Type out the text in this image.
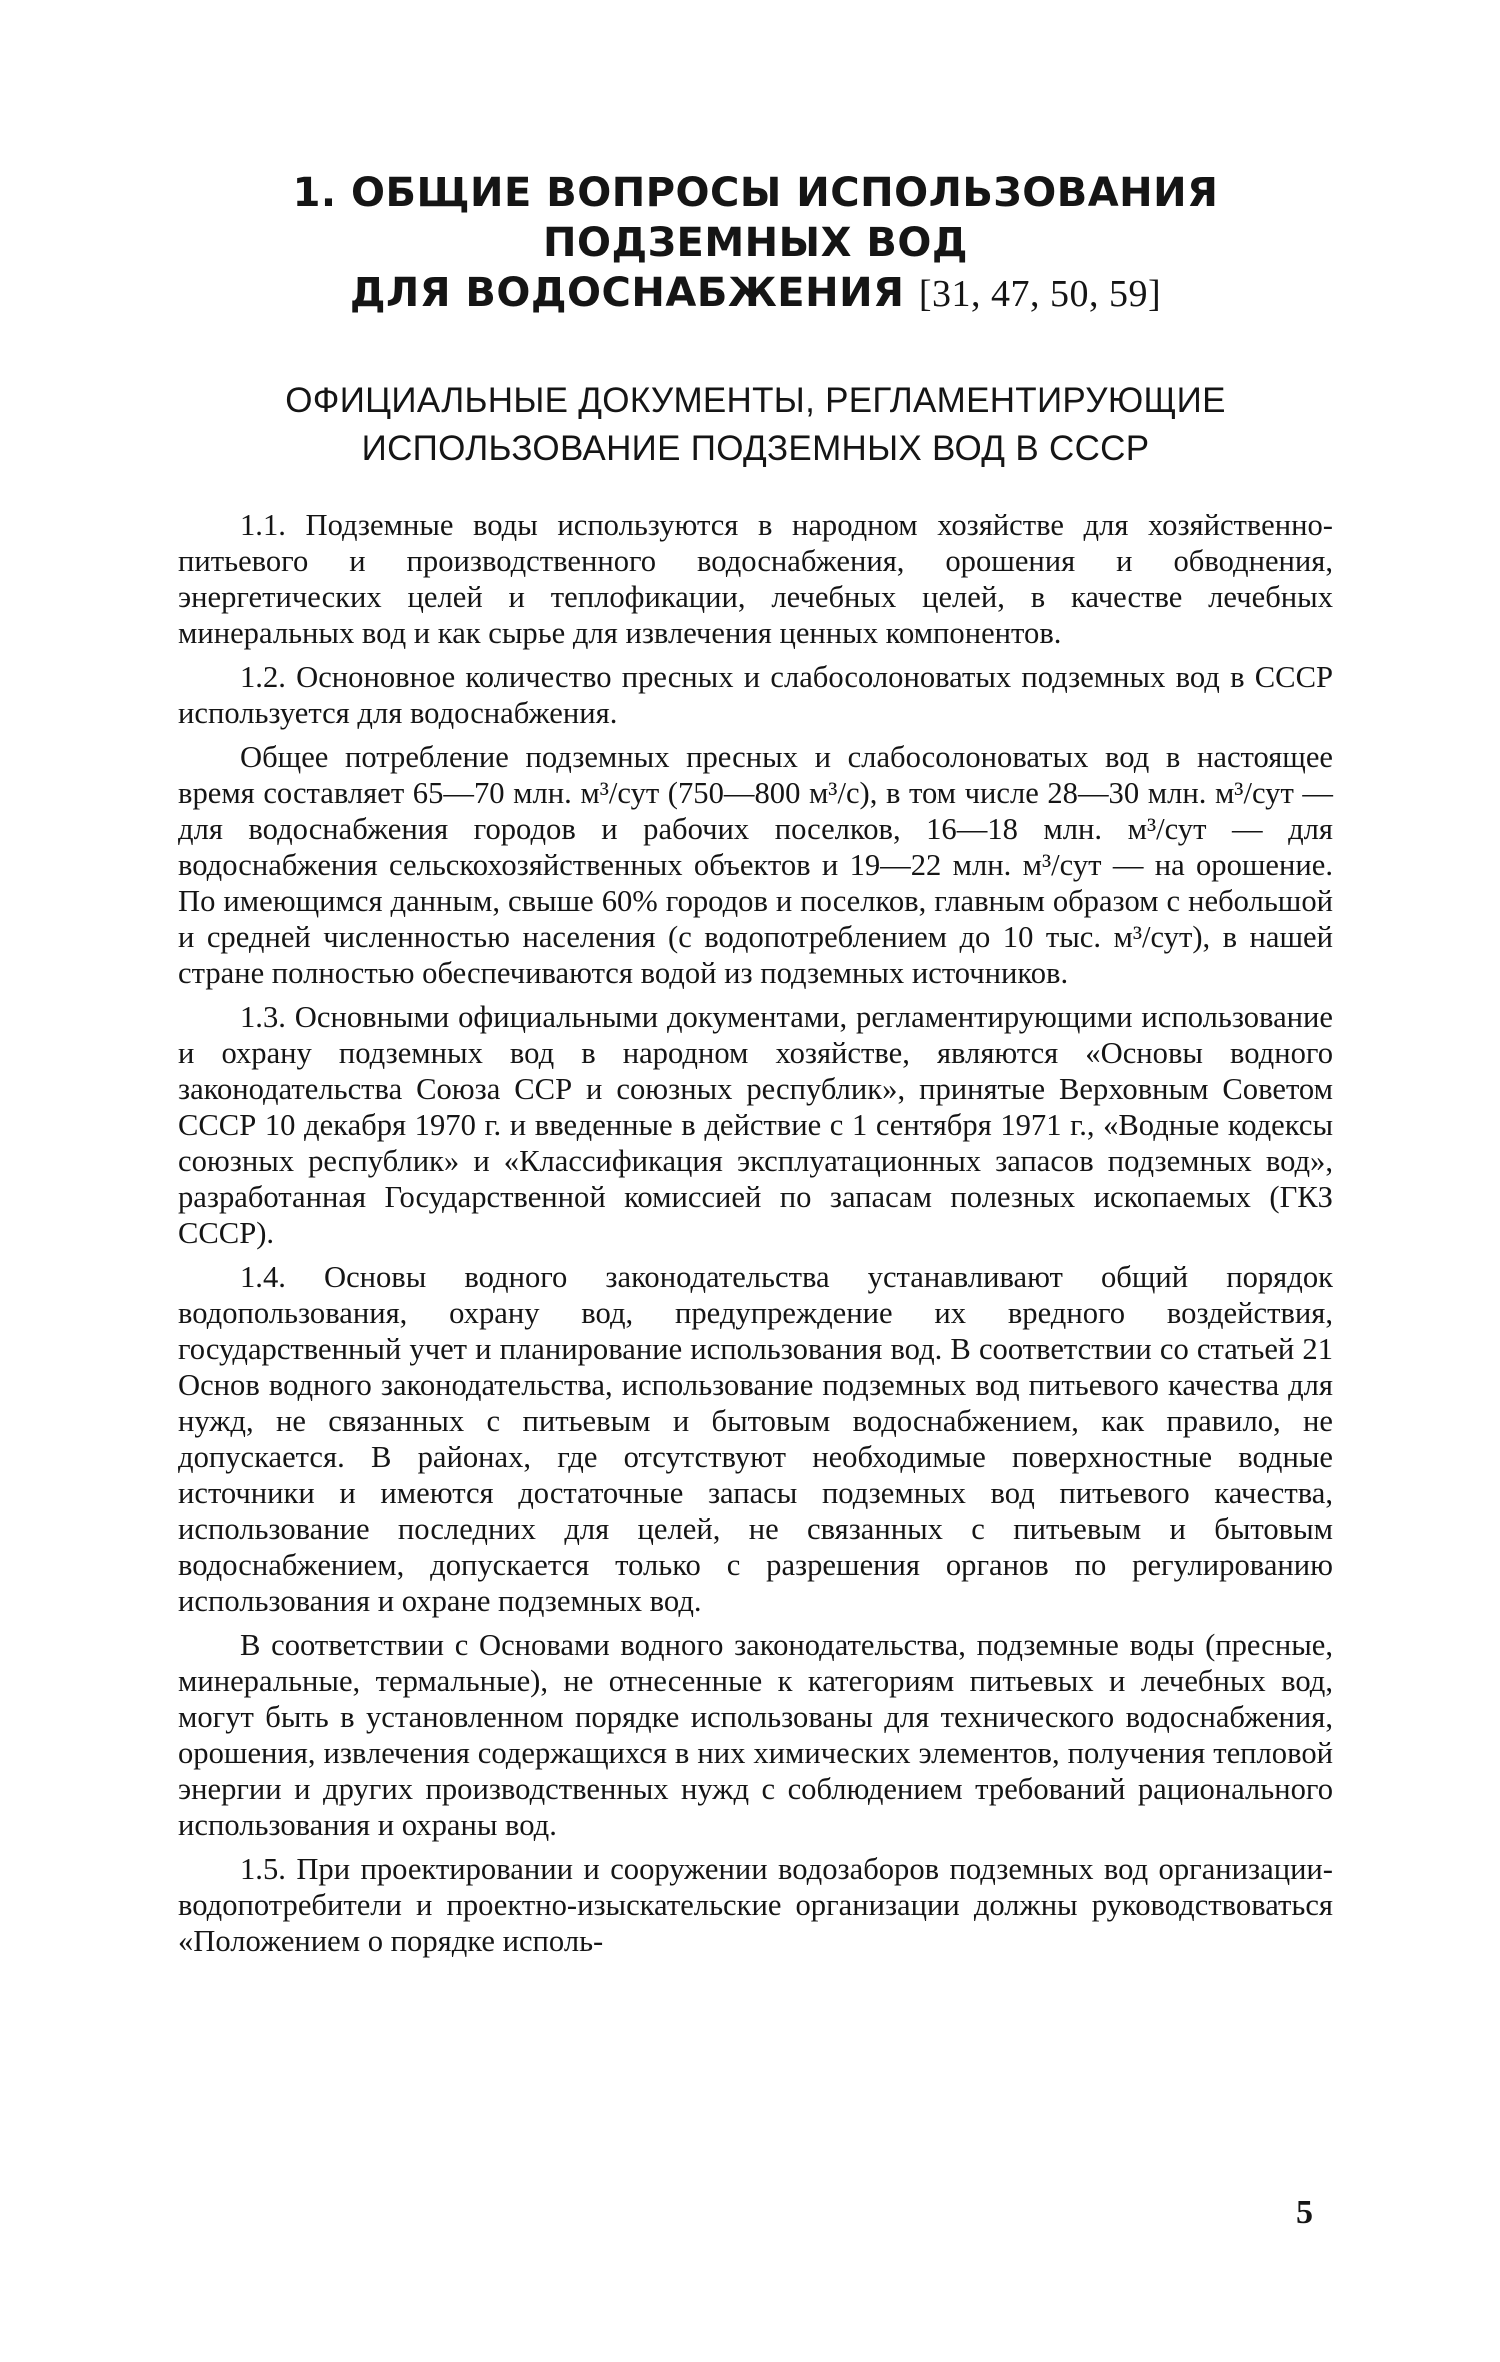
1. ОБЩИЕ ВОПРОСЫ ИСПОЛЬЗОВАНИЯ ПОДЗЕМНЫХ ВОД
ДЛЯ ВОДОСНАБЖЕНИЯ [31, 47, 50, 59]
ОФИЦИАЛЬНЫЕ ДОКУМЕНТЫ, РЕГЛАМЕНТИРУЮЩИЕ
ИСПОЛЬЗОВАНИЕ ПОДЗЕМНЫХ ВОД В СССР

1.1. Подземные воды используются в народном хозяйстве для хозяйственно-питьевого и производственного водоснабжения, орошения и обводнения, энергетических целей и теплофикации, лечебных целей, в качестве лечебных минеральных вод и как сырье для извлечения ценных компонентов.

1.2. Осноновное количество пресных и слабосолоноватых подземных вод в СССР используется для водоснабжения.

Общее потребление подземных пресных и слабосолоноватых вод в настоящее время составляет 65—70 млн. м³/сут (750—800 м³/с), в том числе 28—30 млн. м³/сут — для водоснабжения городов и рабочих поселков, 16—18 млн. м³/сут — для водоснабжения сельскохозяйственных объектов и 19—22 млн. м³/сут — на орошение. По имеющимся данным, свыше 60% городов и поселков, главным образом с небольшой и средней численностью населения (с водопотреблением до 10 тыс. м³/сут), в нашей стране полностью обеспечиваются водой из подземных источников.

1.3. Основными официальными документами, регламентирующими использование и охрану подземных вод в народном хозяйстве, являются «Основы водного законодательства Союза ССР и союзных республик», принятые Верховным Советом СССР 10 декабря 1970 г. и введенные в действие с 1 сентября 1971 г., «Водные кодексы союзных республик» и «Классификация эксплуатационных запасов подземных вод», разработанная Государственной комиссией по запасам полезных ископаемых (ГКЗ СССР).

1.4. Основы водного законодательства устанавливают общий порядок водопользования, охрану вод, предупреждение их вредного воздействия, государственный учет и планирование использования вод. В соответствии со статьей 21 Основ водного законодательства, использование подземных вод питьевого качества для нужд, не связанных с питьевым и бытовым водоснабжением, как правило, не допускается. В районах, где отсутствуют необходимые поверхностные водные источники и имеются достаточные запасы подземных вод питьевого качества, использование последних для целей, не связанных с питьевым и бытовым водоснабжением, допускается только с разрешения органов по регулированию использования и охране подземных вод.

В соответствии с Основами водного законодательства, подземные воды (пресные, минеральные, термальные), не отнесенные к категориям питьевых и лечебных вод, могут быть в установленном порядке использованы для технического водоснабжения, орошения, извлечения содержащихся в них химических элементов, получения тепловой энергии и других производственных нужд с соблюдением требований рационального использования и охраны вод.

1.5. При проектировании и сооружении водозаборов подземных вод организации-водопотребители и проектно-изыскательские организации должны руководствоваться «Положением о порядке исполь-

5
